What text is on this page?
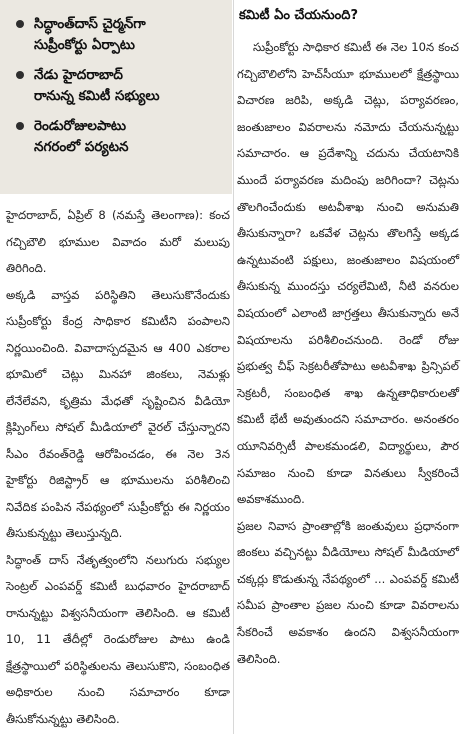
సిద్ధాంత్‌దాస్ చైర్మన్‌గా
సుప్రీంకోర్టు ఏర్పాటు
నేడు హైదరాబాద్
రానున్న కమిటీ సభ్యులు
రెండురోజులపాటు
నగరంలో పర్యటన

హైదరాబాద్, ఏప్రిల్ 8 (నమస్తే తెలంగాణ): కంచ గచ్చిబౌలి భూముల వివాదం మరో మలుపు తిరిగింది.

అక్కడి వాస్తవ పరిస్థితిని తెలుసుకొనేందుకు సుప్రీంకోర్టు కేంద్ర సాధికార కమిటీని పంపాలని నిర్ణయించింది. వివాదాస్పదమైన ఆ 400 ఎకరాల భూమిలో చెట్లు మినహా జింకలు, నెమళ్లు లేనేలేవని, కృత్రిమ మేధతో సృష్టించిన వీడియో క్లిప్పింగ్‌లు సోషల్ మీడియాలో వైరల్ చేస్తున్నారని సీఎం రేవంత్‌రెడ్డి ఆరోపించడం, ఈ నెల 3న హైకోర్టు రిజిస్ట్రార్ ఆ భూములను పరిశీలించి నివేదిక పంపిన నేపథ్యంలో సుప్రీంకోర్టు ఈ నిర్ణయం తీసుకున్నట్టు తెలుస్తున్నది.

సిద్ధాంత్ దాస్ నేతృత్వంలోని నలుగురు సభ్యుల సెంట్రల్ ఎంపవర్డ్ కమిటీ బుధవారం హైదరాబాద్ రానున్నట్టు విశ్వసనీయంగా తెలిసింది. ఆ కమిటీ 10, 11 తేదీల్లో రెండురోజుల పాటు ఉండి క్షేత్రస్థాయిలో పరిస్థితులను తెలుసుకొని, సంబంధిత అధికారుల నుంచి సమాచారం కూడా తీసుకోనున్నట్టు తెలిసింది.

కమిటీ ఏం చేయనుంది?

సుప్రీంకోర్టు సాధికార కమిటీ ఈ నెల 10న కంచ గచ్చిబౌలిలోని హెచ్‌సీయూ భూములలో క్షేత్రస్థాయి విచారణ జరిపి, అక్కడి చెట్లు, పర్యావరణం, జంతుజాలం వివరాలను నమోదు చేయనున్నట్టు సమాచారం. ఆ ప్రదేశాన్ని చదును చేయటానికి ముందే పర్యావరణ మదింపు జరిగిందా? చెట్లను తొలగించేందుకు అటవీశాఖ నుంచి అనుమతి తీసుకున్నారా? ఒకవేళ చెట్లను తొలగిస్తే అక్కడ ఉన్నటువంటి పక్షులు, జంతుజాలం విషయంలో తీసుకున్న ముందస్తు చర్యలేమిటి, నీటి వనరుల విషయంలో ఎలాంటి జాగ్రత్తలు తీసుకున్నారు అనే విషయాలను పరిశీలించనుంది. రెండో రోజు ప్రభుత్వ చీఫ్ సెక్రటరీతోపాటు అటవీశాఖ ప్రిన్సిపల్ సెక్రటరీ, సంబంధిత శాఖ ఉన్నతాధికారులతో కమిటీ భేటీ అవుతుందని సమాచారం. అనంతరం యూనివర్సిటీ పాలకమండలి, విద్యార్థులు, పౌర సమాజం నుంచి కూడా వినతులు స్వీకరించే అవకాశముంది.

ప్రజల నివాస ప్రాంతాల్లోకి జంతువులు ప్రధానంగా జింకలు వచ్చినట్టు వీడియోలు సోషల్ మీడియాలో చక్కర్లు కొడుతున్న నేపథ్యంలో ... ఎంపవర్డ్ కమిటీ సమీప ప్రాంతాల ప్రజల నుంచి కూడా వివరాలను సేకరించే అవకాశం ఉందని విశ్వసనీయంగా తెలిసింది.
